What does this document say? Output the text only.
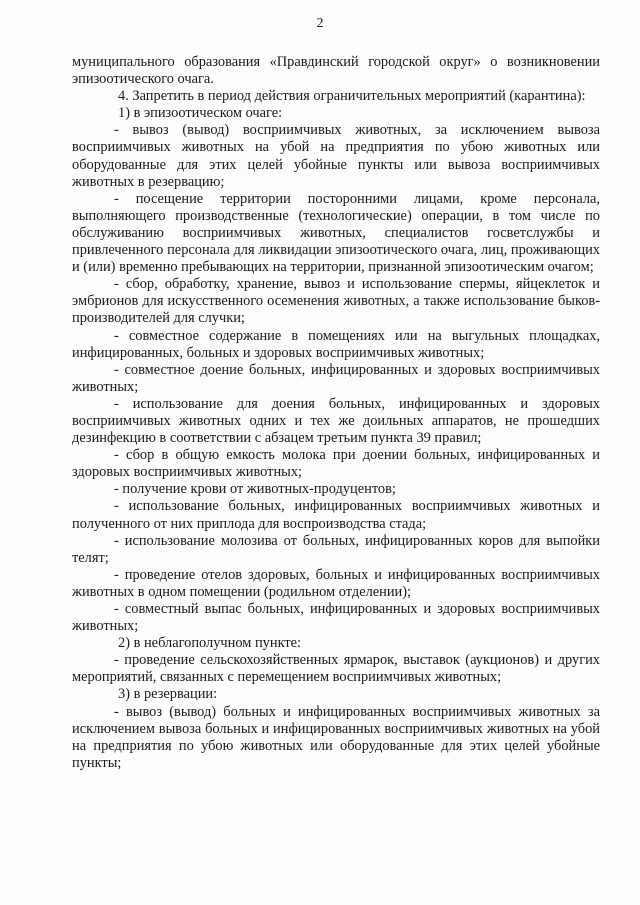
2

муниципального образования «Правдинский городской округ» о возникновении эпизоотического очага.

4. Запретить в период действия ограничительных мероприятий (карантина):

1) в эпизоотическом очаге:

- вывоз (вывод) восприимчивых животных, за исключением вывоза восприимчивых животных на убой на предприятия по убою животных или оборудованные для этих целей убойные пункты или вывоза восприимчивых животных в резервацию;

- посещение территории посторонними лицами, кроме персонала, выполняющего производственные (технологические) операции, в том числе по обслуживанию восприимчивых животных, специалистов госветслужбы и привлеченного персонала для ликвидации эпизоотического очага, лиц, проживающих и (или) временно пребывающих на территории, признанной эпизоотическим очагом;

- сбор, обработку, хранение, вывоз и использование спермы, яйцеклеток и эмбрионов для искусственного осеменения животных, а также использование быков-производителей для случки;

- совместное содержание в помещениях или на выгульных площадках, инфицированных, больных и здоровых восприимчивых животных;

- совместное доение больных, инфицированных и здоровых восприимчивых животных;

- использование для доения больных, инфицированных и здоровых восприимчивых животных одних и тех же доильных аппаратов, не прошедших дезинфекцию в соответствии с абзацем третьим пункта 39 правил;

- сбор в общую емкость молока при доении больных, инфицированных и здоровых восприимчивых животных;

- получение крови от животных-продуцентов;

- использование больных, инфицированных восприимчивых животных и полученного от них приплода для воспроизводства стада;

- использование молозива от больных, инфицированных коров для выпойки телят;

- проведение отелов здоровых, больных и инфицированных восприимчивых животных в одном помещении (родильном отделении);

- совместный выпас больных, инфицированных и здоровых восприимчивых животных;

2) в неблагополучном пункте:

- проведение сельскохозяйственных ярмарок, выставок (аукционов) и других мероприятий, связанных с перемещением восприимчивых животных;

3) в резервации:

- вывоз (вывод) больных и инфицированных восприимчивых животных за исключением вывоза больных и инфицированных восприимчивых животных на убой на предприятия по убою животных или оборудованные для этих целей убойные пункты;
